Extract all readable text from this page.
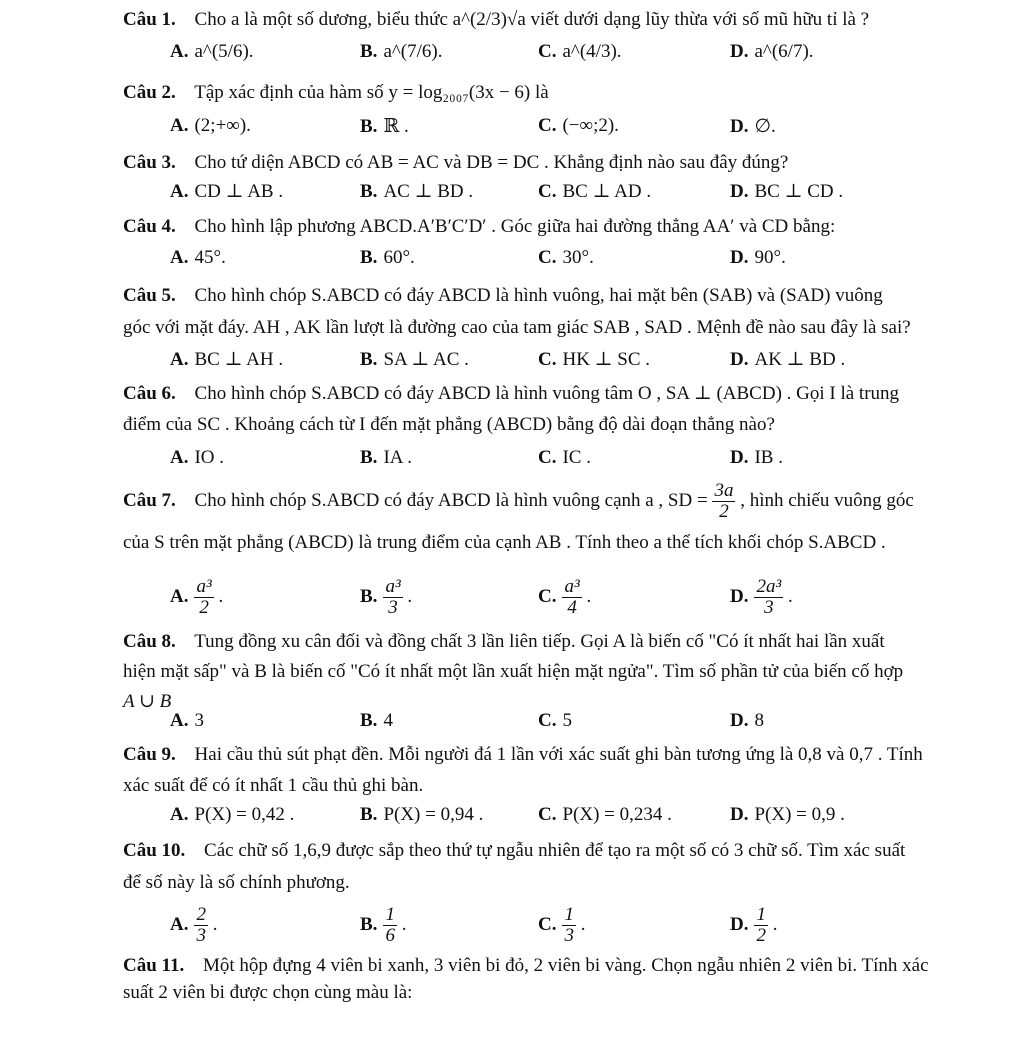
Câu 1. Cho a là một số dương, biểu thức a^(2/3)√a viết dưới dạng lũy thừa với số mũ hữu tỉ là ?
A. a^(5/6).	B. a^(7/6).	C. a^(4/3).	D. a^(6/7).
Câu 2. Tập xác định của hàm số y = log₂₀₀₇(3x − 6) là
A. (2;+∞).	B. ℝ .	C. (−∞;2).	D. ∅.
Câu 3. Cho tứ diện ABCD có AB = AC và DB = DC . Khẳng định nào sau đây đúng?
A. CD ⊥ AB .	B. AC ⊥ BD .	C. BC ⊥ AD .	D. BC ⊥ CD .
Câu 4. Cho hình lập phương ABCD.A′B′C′D′ . Góc giữa hai đường thẳng AA′ và CD bằng:
A. 45°.	B. 60°.	C. 30°.	D. 90°.
Câu 5. Cho hình chóp S.ABCD có đáy ABCD là hình vuông, hai mặt bên (SAB) và (SAD) vuông
góc với mặt đáy. AH , AK lần lượt là đường cao của tam giác SAB , SAD . Mệnh đề nào sau đây là sai?
A. BC ⊥ AH .	B. SA ⊥ AC .	C. HK ⊥ SC .	D. AK ⊥ BD .
Câu 6. Cho hình chóp S.ABCD có đáy ABCD là hình vuông tâm O , SA ⊥ (ABCD) . Gọi I là trung
điểm của SC . Khoảng cách từ I đến mặt phẳng (ABCD) bằng độ dài đoạn thẳng nào?
A. IO .	B. IA .	C. IC .	D. IB .
Câu 7. Cho hình chóp S.ABCD có đáy ABCD là hình vuông cạnh a , SD = $\frac{3a}{2}$ , hình chiếu vuông góc
của S trên mặt phẳng (ABCD) là trung điểm của cạnh AB . Tính theo a thể tích khối chóp S.ABCD .
A. $\frac{\text{a³}}{2}$ .	B. $\frac{\text{a³}}{3}$ .	C. $\frac{\text{a³}}{4}$ .	D. $\frac{\text{2a³}}{3}$ .
Câu 8. Tung đồng xu cân đối và đồng chất 3 lần liên tiếp. Gọi A là biến cố "Có ít nhất hai lần xuất
hiện mặt sấp" và B là biến cố "Có ít nhất một lần xuất hiện mặt ngửa". Tìm số phần tử của biến cố hợp
A ∪ B
A. 3	B. 4	C. 5	D. 8
Câu 9. Hai cầu thủ sút phạt đền. Mỗi người đá 1 lần với xác suất ghi bàn tương ứng là 0,8 và 0,7 . Tính
xác suất để có ít nhất 1 cầu thủ ghi bàn.
A. P(X) = 0,42 .	B. P(X) = 0,94 .	C. P(X) = 0,234 .	D. P(X) = 0,9 .
Câu 10. Các chữ số 1,6,9 được sắp theo thứ tự ngẫu nhiên để tạo ra một số có 3 chữ số. Tìm xác suất
để số này là số chính phương.
A. $\frac{2}{3}$ .	B. $\frac{1}{6}$ .	C. $\frac{1}{3}$ .	D. $\frac{1}{2}$ .
Câu 11. Một hộp đựng 4 viên bi xanh, 3 viên bi đỏ, 2 viên bi vàng. Chọn ngẫu nhiên 2 viên bi. Tính xác
suất 2 viên bi được chọn cùng màu là:
